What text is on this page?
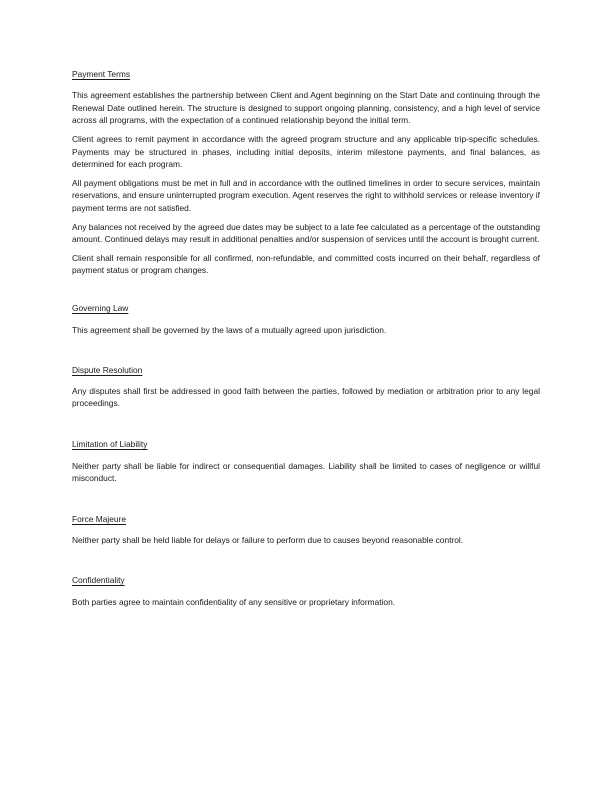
Payment Terms

This agreement establishes the partnership between Client and Agent beginning on the Start Date and continuing through the Renewal Date outlined herein. The structure is designed to support ongoing planning, consistency, and a high level of service across all programs, with the expectation of a continued relationship beyond the initial term.

Client agrees to remit payment in accordance with the agreed program structure and any applicable trip-specific schedules. Payments may be structured in phases, including initial deposits, interim milestone payments, and final balances, as determined for each program.

All payment obligations must be met in full and in accordance with the outlined timelines in order to secure services, maintain reservations, and ensure uninterrupted program execution. Agent reserves the right to withhold services or release inventory if payment terms are not satisfied.

Any balances not received by the agreed due dates may be subject to a late fee calculated as a percentage of the outstanding amount. Continued delays may result in additional penalties and/or suspension of services until the account is brought current.

Client shall remain responsible for all confirmed, non-refundable, and committed costs incurred on their behalf, regardless of payment status or program changes.

Governing Law

This agreement shall be governed by the laws of a mutually agreed upon jurisdiction.

Dispute Resolution

Any disputes shall first be addressed in good faith between the parties, followed by mediation or arbitration prior to any legal proceedings.

Limitation of Liability

Neither party shall be liable for indirect or consequential damages. Liability shall be limited to cases of negligence or willful misconduct.

Force Majeure

Neither party shall be held liable for delays or failure to perform due to causes beyond reasonable control.

Confidentiality

Both parties agree to maintain confidentiality of any sensitive or proprietary information.
